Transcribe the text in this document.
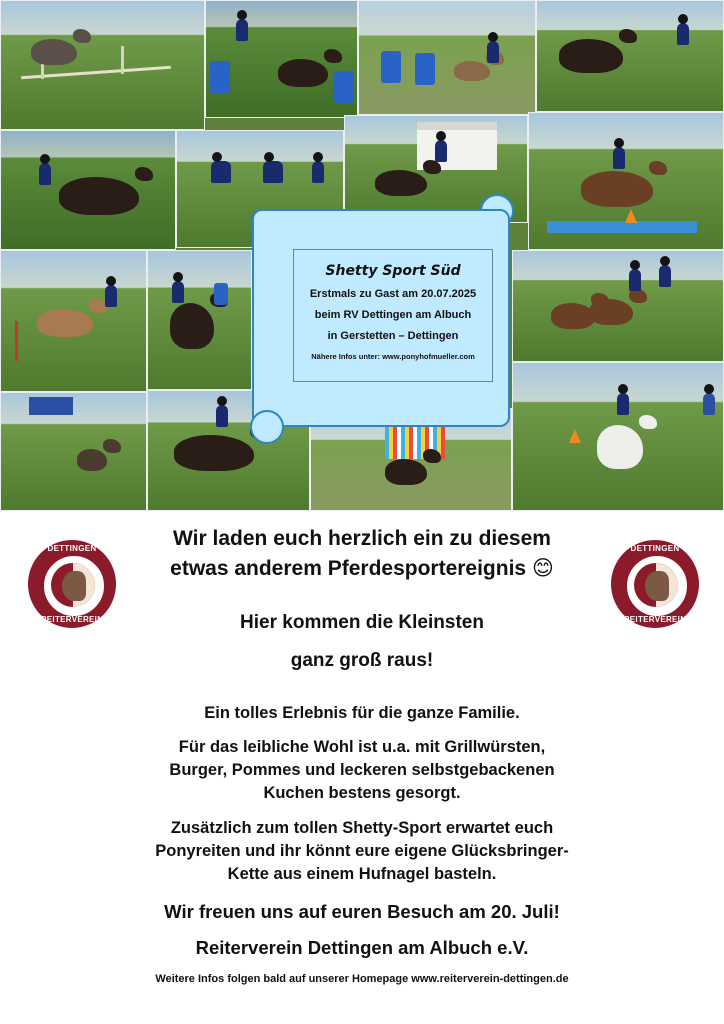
Shetty Sport Süd
Erstmals zu Gast am 20.07.2025
beim RV Dettingen am Albuch
in Gerstetten – Dettingen
Nähere Infos unter: www.ponyhofmueller.com
DETTINGEN
REITERVEREIN
DETTINGEN
REITERVEREIN
Wir laden euch herzlich ein zu diesem
etwas anderem Pferdesportereignis 😊
Hier kommen die Kleinsten
ganz groß raus!
Ein tolles Erlebnis für die ganze Familie.
Für das leibliche Wohl ist u.a. mit Grillwürsten,
Burger, Pommes und leckeren selbstgebackenen
Kuchen bestens gesorgt.
Zusätzlich zum tollen Shetty-Sport erwartet euch
Ponyreiten und ihr könnt eure eigene Glücksbringer-
Kette aus einem Hufnagel basteln.
Wir freuen uns auf euren Besuch am 20. Juli!
Reiterverein Dettingen am Albuch e.V.
Weitere Infos folgen bald auf unserer Homepage www.reiterverein-dettingen.de
